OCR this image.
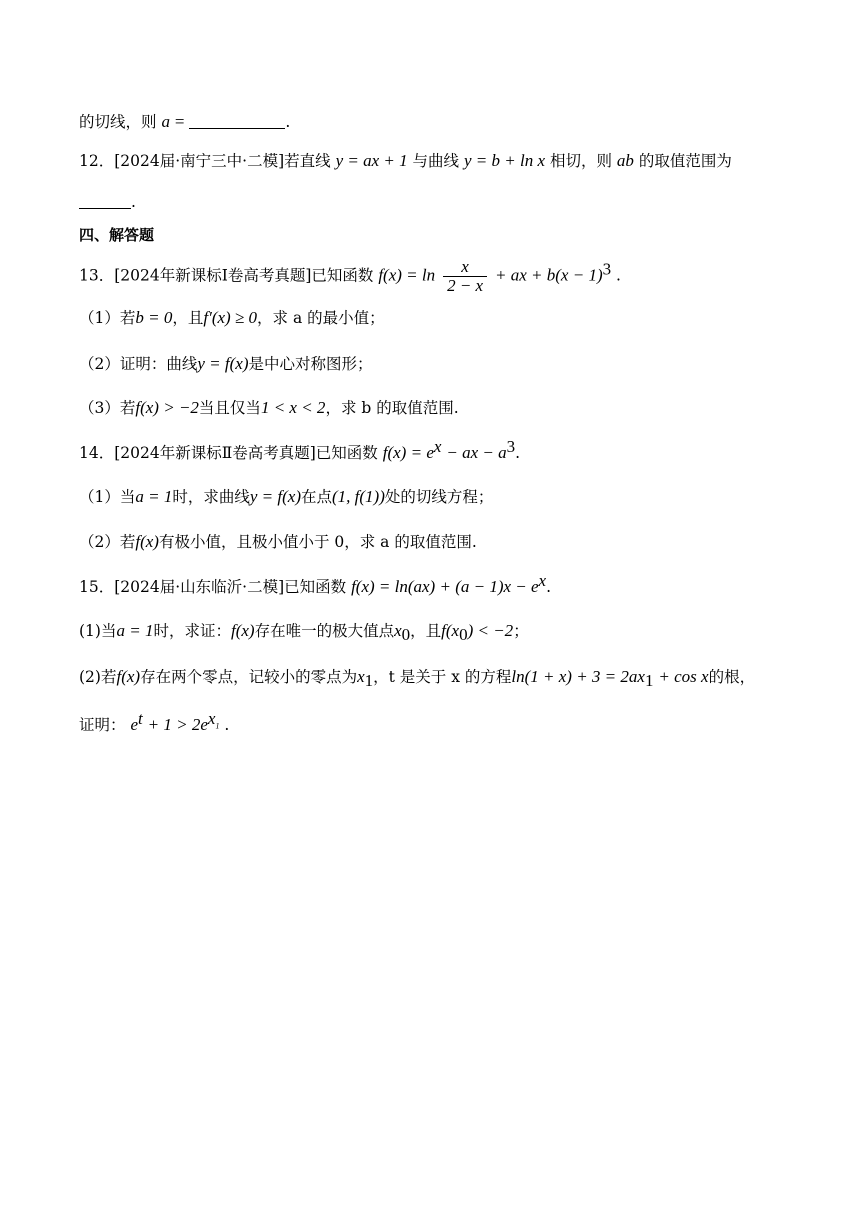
的切线，则 a =	.
12．[2024届·南宁三中·二模]若直线 y = ax + 1 与曲线 y = b + ln x 相切，则 ab 的取值范围为
.
四、解答题
13．[2024年新课标Ⅰ卷高考真题]已知函数 $f(x) = \ln \frac{x}{2 - x}$ + ax + $b(x - 1)^3$ .
（1）若b = 0，且f′(x) ≥ 0，求 a 的最小值；
（2）证明：曲线y = f(x)是中心对称图形；
（3）若f(x) > −2当且仅当1 < x < 2，求 b 的取值范围.
14．[2024年新课标Ⅱ卷高考真题]已知函数 $f(x) = e^x$ − ax − $a^3$.
（1）当a = 1时，求曲线y = f(x)在点(1, f(1))处的切线方程；
（2）若f(x)有极小值，且极小值小于 0，求 a 的取值范围.
15．[2024届·山东临沂·二模]已知函数 $f(x) = \ln(ax) + (a - 1)x - e^x$.
(1)当a = 1时，求证：f(x)存在唯一的极大值点$x_0$，且$f(x_0) < -2$；
(2)若f(x)存在两个零点，记较小的零点为$x_1$，t 是关于 x 的方程$\ln(1 + x) + 3 = 2ax_1 + \cos x$的根，
证明： $e^t + 1 > 2e^{x_1}$ .
